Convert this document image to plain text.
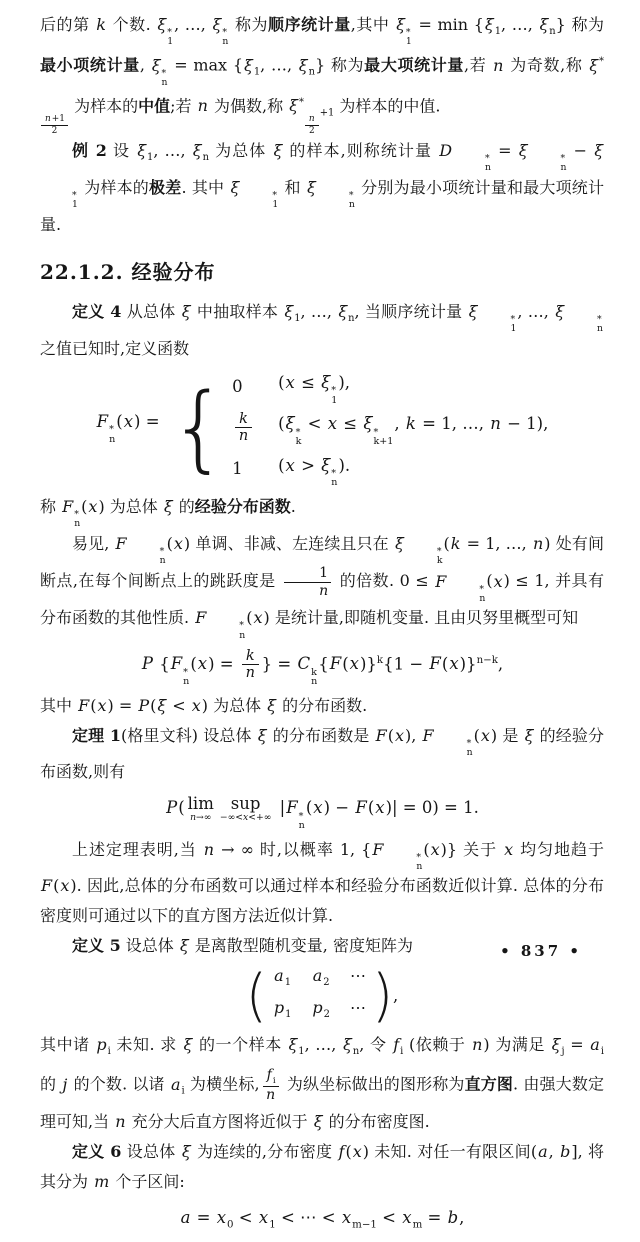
后的第 k 个数. ξ *
1
, …, ξ *
n
称为顺序统计量,其中 ξ *
1
= $\min \{\xi_1$, …, $\xi_n$} 称为最小项统计量, ξ *
n
= $\max \{\xi_1$, …, $\xi_n$} 称为最大项统计量,若 n 为奇数,称 ξ*
$\frac{n+1}{2}$
为样本的中值;若 n 为偶数,称 ξ*
$\frac{n}{2}$
$_{+1}$ 为样本的中值.

例 2 设 $\xi_1$, …, $\xi_n$ 为总体 ξ 的样本,则称统计量 D	*
n
= ξ	*
n
− ξ
*
1
为样本的极差. 其中 ξ	*
1
和 ξ	*
n
分别为最小项统计量和最大项统计量.

22.1.2. 经验分布

定义 4 从总体 ξ 中抽取样本 $\xi_1$, …, $\xi_n$, 当顺序统计量 ξ	*
1
, …, ξ	*
n
之值已知时,定义函数

F *
n
(x) = { 0 (x ≤ ξ *
1
),
$\frac{k}{n} (\xi$ *
k
< x ≤ ξ *
k+1
, k = 1, …, n − 1),
1 (x > ξ *
n
).

称 F *
n
(x) 为总体 ξ 的经验分布函数.

易见, F	*
n
(x) 单调、非减、左连续且只在 ξ	*
k
(k = 1, …, n) 处有间断点,在每个间断点上的跳跃度是 $\frac{1}{n}$ 的倍数. 0 ≤ F	*
n
(x) ≤ 1, 并具有分布函数的其他性质. F	*
n
(x) 是统计量,即随机变量. 且由贝努里概型可知

P {F *
n
$(x) = \frac{k}{n}$ } = C k
n
$\{F(x)\}^k\{1 - F(x)\}^{n-k}$,

其中 F(x) = P(ξ < x) 为总体 ξ 的分布函数.

定理 1(格里文科) 设总体 ξ 的分布函数是 F(x), F	*
n
(x) 是 ξ 的经验分布函数,则有

P( lim
n→∞
sup
−∞<x<+∞ |F *
n
(x) − F(x)| = 0) = 1.

上述定理表明,当 n → ∞ 时,以概率 1, {F	*
n
(x)} 关于 x 均匀地趋于 F(x). 因此,总体的分布函数可以通过样本和经验分布函数近似计算. 总体的分布密度则可通过以下的直方图方法近似计算.

定义 5 设总体 ξ 是离散型随机变量, 密度矩阵为

( $a_1$ $a_2$ ⋯
$p_1$ $p_2$ ⋯ ) ,

其中诸 $p_i$ 未知. 求 ξ 的一个样本 $\xi_1$, …, $\xi_n$, 令 $f_i$ (依赖于 n) 为满足 $\xi_j = a_i$ 的 j 的个数. 以诸 $a_i$ 为横坐标, $\frac{f_i}{n}$ 为纵坐标做出的图形称为直方图. 由强大数定理可知,当 n 充分大后直方图将近似于 ξ 的分布密度图.

定义 6 设总体 ξ 为连续的,分布密度 f(x) 未知. 对任一有限区间(a, b], 将其分为 m 个子区间:

$a = x_0 < x_1$ < ⋯ < $x_{m-1} < x_m = b$,

• 837 •
